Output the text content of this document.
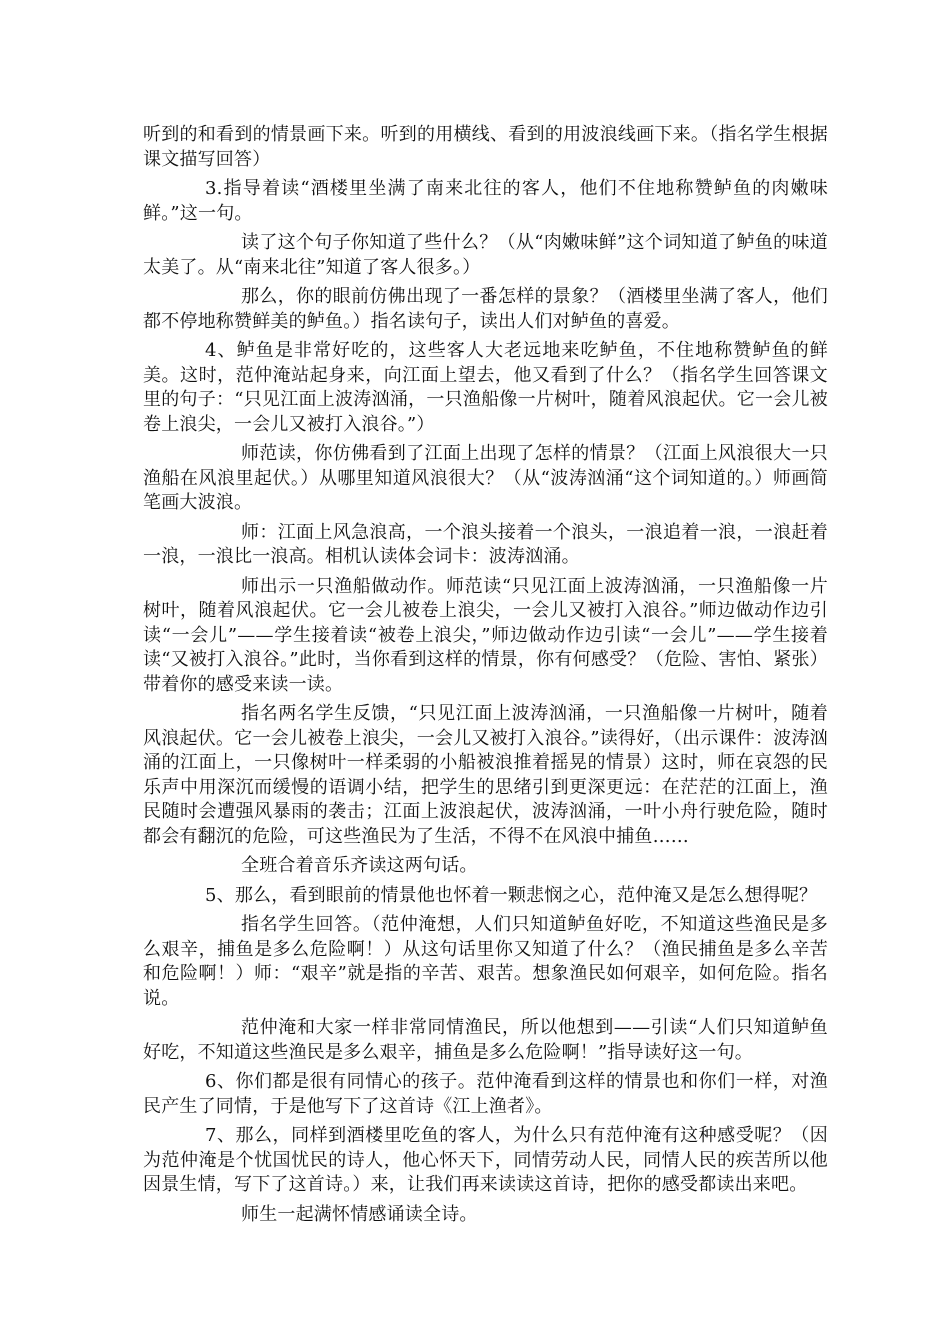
听到的和看到的情景画下来。听到的用横线、看到的用波浪线画下来。（指名学生根据课文描写回答）

3.指导着读“酒楼里坐满了南来北往的客人，他们不住地称赞鲈鱼的肉嫩味鲜。”这一句。

读了这个句子你知道了些什么？（从“肉嫩味鲜”这个词知道了鲈鱼的味道太美了。从“南来北往”知道了客人很多。）

那么，你的眼前仿佛出现了一番怎样的景象？（酒楼里坐满了客人，他们都不停地称赞鲜美的鲈鱼。）指名读句子，读出人们对鲈鱼的喜爱。

4、鲈鱼是非常好吃的，这些客人大老远地来吃鲈鱼，不住地称赞鲈鱼的鲜美。这时，范仲淹站起身来，向江面上望去，他又看到了什么？（指名学生回答课文里的句子：“只见江面上波涛汹涌，一只渔船像一片树叶，随着风浪起伏。它一会儿被卷上浪尖，一会儿又被打入浪谷。”）

师范读，你仿佛看到了江面上出现了怎样的情景？（江面上风浪很大一只渔船在风浪里起伏。）从哪里知道风浪很大？（从“波涛汹涌“这个词知道的。）师画简笔画大波浪。

师：江面上风急浪高，一个浪头接着一个浪头，一浪追着一浪，一浪赶着一浪，一浪比一浪高。相机认读体会词卡：波涛汹涌。

师出示一只渔船做动作。师范读“只见江面上波涛汹涌，一只渔船像一片树叶，随着风浪起伏。它一会儿被卷上浪尖，一会儿又被打入浪谷。”师边做动作边引读“一会儿”——学生接着读“被卷上浪尖，”师边做动作边引读“一会儿”——学生接着读“又被打入浪谷。”此时，当你看到这样的情景，你有何感受？（危险、害怕、紧张）带着你的感受来读一读。

指名两名学生反馈，“只见江面上波涛汹涌，一只渔船像一片树叶，随着风浪起伏。它一会儿被卷上浪尖，一会儿又被打入浪谷。”读得好，（出示课件：波涛汹涌的江面上，一只像树叶一样柔弱的小船被浪推着摇晃的情景）这时，师在哀怨的民乐声中用深沉而缓慢的语调小结，把学生的思绪引到更深更远：在茫茫的江面上，渔民随时会遭强风暴雨的袭击；江面上波浪起伏，波涛汹涌，一叶小舟行驶危险，随时都会有翻沉的危险，可这些渔民为了生活，不得不在风浪中捕鱼……

全班合着音乐齐读这两句话。

5、那么，看到眼前的情景他也怀着一颗悲悯之心，范仲淹又是怎么想得呢？

指名学生回答。（范仲淹想，人们只知道鲈鱼好吃，不知道这些渔民是多么艰辛，捕鱼是多么危险啊！）从这句话里你又知道了什么？（渔民捕鱼是多么辛苦和危险啊！）师：“艰辛”就是指的辛苦、艰苦。想象渔民如何艰辛，如何危险。指名说。

范仲淹和大家一样非常同情渔民，所以他想到——引读“人们只知道鲈鱼好吃，不知道这些渔民是多么艰辛，捕鱼是多么危险啊！”指导读好这一句。

6、你们都是很有同情心的孩子。范仲淹看到这样的情景也和你们一样，对渔民产生了同情，于是他写下了这首诗《江上渔者》。

7、那么，同样到酒楼里吃鱼的客人，为什么只有范仲淹有这种感受呢？（因为范仲淹是个忧国忧民的诗人，他心怀天下，同情劳动人民，同情人民的疾苦所以他因景生情，写下了这首诗。）来，让我们再来读读这首诗，把你的感受都读出来吧。

师生一起满怀情感诵读全诗。
